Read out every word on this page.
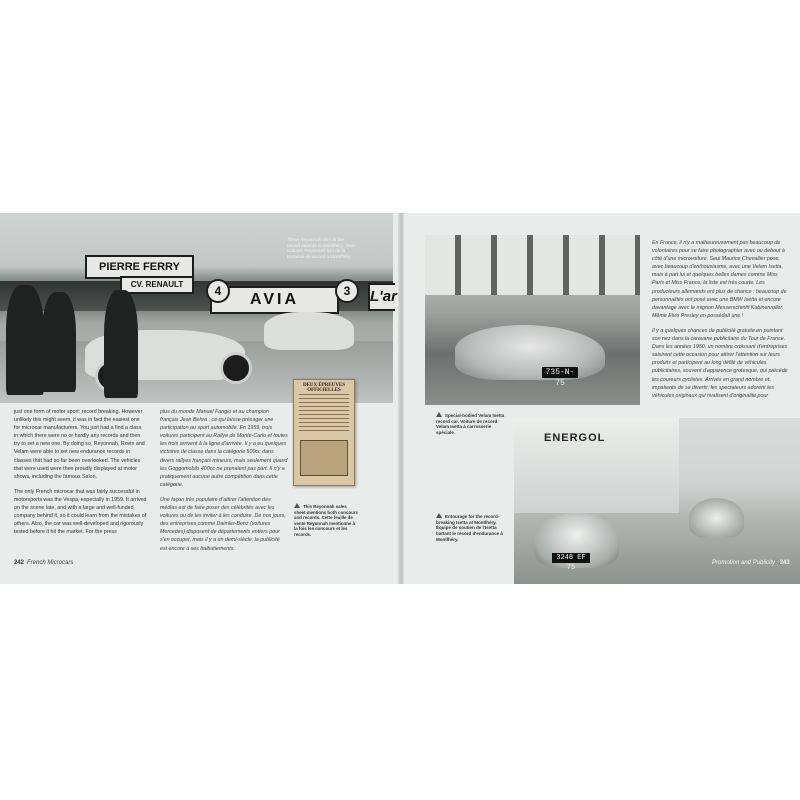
PIERRE FERRY
CV. RENAULT
AVIA	L'ar
4	3
Three Reyonnah cars at the record attempt at Montlhéry. Trois voitures Reyonnah lors de la tentative de record à Montlhéry.
DEUX ÉPREUVES OFFICIELLES
This Reyonnah sales sheet mentions both concours and records. Cette feuille de vente Reyonnah mentionne à la fois les concours et les records.

just one form of motor sport: record breaking. However unlikely this might seem, it was in fact the easiest one for microcar manufacturers. You just had a find a class in which there were no or hardly any records and then try to set a new one. By doing so, Reyonnah, Rovin and Velam were able to set new endurance records in classes that had so far been overlooked. The vehicles that were used were then proudly displayed at motor shows, including the famous Salon.

The only French microcar that was fairly successful in motorsports was the Vespa, especially in 1959. It arrived on the scene late, and with a large and well-funded company behind it, so it could learn from the mistakes of others. Also, the car was well-developed and rigorously tested before it hit the market. For the press

plus du monde Manuel Fangio et au champion français Jean Behra : ce qui laisse présager une participation au sport automobile. En 1959, trois voitures participent au Rallye de Monte-Carlo et toutes les trois arrivent à la ligne d'arrivée. Il y a eu quelques victoires de classe dans la catégorie 500cc dans divers rallyes français mineurs, mais seulement quand les Goggomobils 400cc ne prenaient pas part. Il n'y a pratiquement aucune autre compétition dans cette catégorie.

Une façon très populaire d'attirer l'attention des médias est de faire poser des célébrités avec les voitures ou de les inviter à les conduire. De nos jours, des entreprises comme Daimler-Benz (voitures Mercedes) disposent de départements entiers pour s'en occuper, mais il y a un demi-siècle, la publicité est encore à ses balbutiements.

242 French Microcars
735-N-75
ENERGOL
3248 EF 75
Special-bodied Velam Isetta record car. Voiture de record Velam Isetta à carrosserie spéciale.
Entourage for the record-breaking Isetta at Montlhéry. Équipe de soutien de l'Isetta battant le record d'endurance à Montlhéry.

En France, il n'y a malheureusement pas beaucoup de volontaires pour se faire photographier avec ou debout à côté d'une microvoiture. Seul Maurice Chevallier pose, avec beaucoup d'enthousiasme, avec une Velam Isetta, mais à part lui et quelques belles dames comme Miss Paris et Miss France, la liste est très courte. Les producteurs allemands ont plus de chance : beaucoup de personnalités ont posé avec une BMW Isetta et encore davantage avec le mignon Messerschmitt Kabinenroller. Même Elvis Presley en possédait une !

Il y a quelques chances de publicité gratuite en pointant son nez dans la caravane publicitaire du Tour de France. Dans les années 1950, un nombre croissant d'entreprises saisirent cette occasion pour attirer l'attention sur leurs produits et participent au long défilé de véhicules publicitaires, souvent d'apparence grotesque, qui précède les coureurs cyclistes. Arrivés en grand nombre et impatients de se divertir, les spectateurs adorent les véhicules originaux qui rivalisent d'originalité pour

Promotion and Publicity 243
